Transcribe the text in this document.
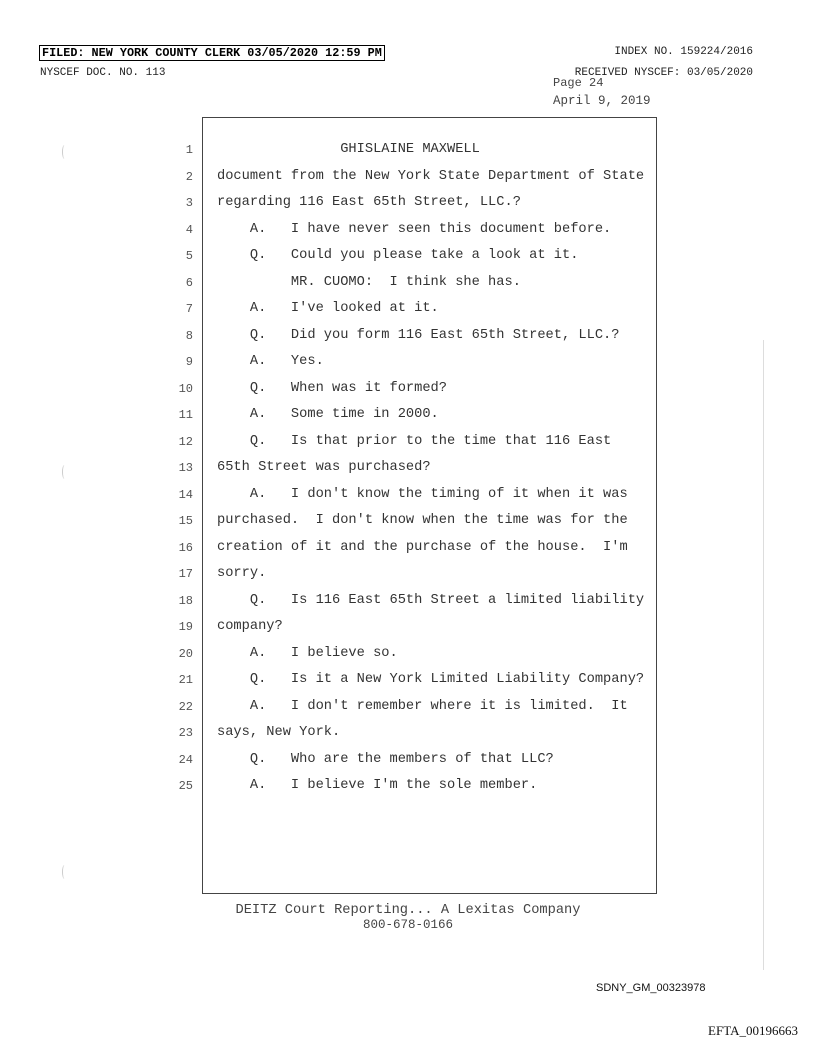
FILED: NEW YORK COUNTY CLERK 03/05/2020 12:59 PM	INDEX NO. 159224/2016
NYSCEF DOC. NO. 113	RECEIVED NYSCEF: 03/05/2020
Page 24
April 9, 2019
1 GHISLAINE MAXWELL
2 document from the New York State Department of State
3 regarding 116 East 65th Street, LLC.?
4 A.   I have never seen this document before.
5 Q.   Could you please take a look at it.
6 MR. CUOMO:  I think she has.
7 A.   I've looked at it.
8 Q.   Did you form 116 East 65th Street, LLC.?
9 A.   Yes.
10 Q.   When was it formed?
11 A.   Some time in 2000.
12 Q.   Is that prior to the time that 116 East
13 65th Street was purchased?
14 A.   I don't know the timing of it when it was
15 purchased.  I don't know when the time was for the
16 creation of it and the purchase of the house.  I'm
17 sorry.
18 Q.   Is 116 East 65th Street a limited liability
19 company?
20 A.   I believe so.
21 Q.   Is it a New York Limited Liability Company?
22 A.   I don't remember where it is limited.  It
23 says, New York.
24 Q.   Who are the members of that LLC?
25 A.   I believe I'm the sole member.
DEITZ Court Reporting... A Lexitas Company
800-678-0166
SDNY_GM_00323978
EFTA_00196663
